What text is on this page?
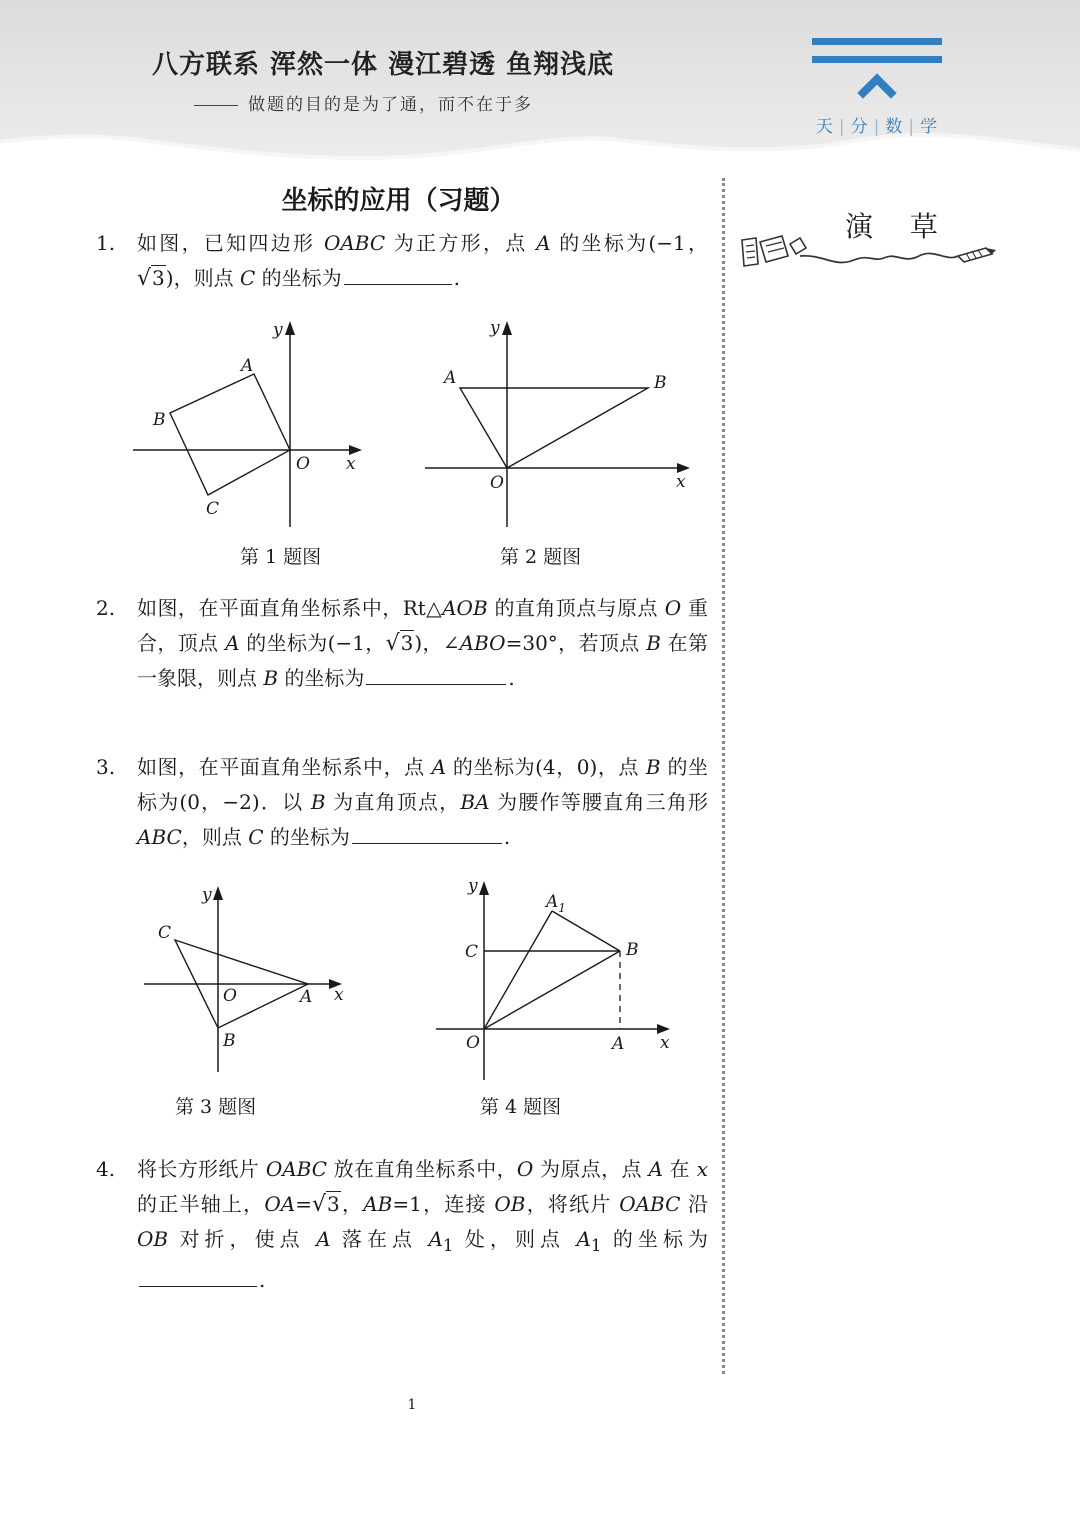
八方联系 浑然一体 漫江碧透 鱼翔浅底
做题的目的是为了通，而不在于多
天 | 分 | 数 | 学
坐标的应用（习题）
演 草
1. 如图，已知四边形 OABC 为正方形，点 A 的坐标为(−1，√3)，则点 C 的坐标为	.
y
x
O
A
B
C
第 1 题图
y
x
O
A	B
第 2 题图
2. 如图，在平面直角坐标系中，Rt△AOB 的直角顶点与原点 O 重合，顶点 A 的坐标为(−1，√3)，∠ABO=30°，若顶点 B 在第一象限，则点 B 的坐标为	.
3. 如图，在平面直角坐标系中，点 A 的坐标为(4，0)，点 B 的坐标为(0，−2)．以 B 为直角顶点，BA 为腰作等腰直角三角形 ABC，则点 C 的坐标为	.
y
x
O	A
B
C
第 3 题图
y
x
O	A
B
C
$A_1$
第 4 题图
4. 将长方形纸片 OABC 放在直角坐标系中，O 为原点，点 A 在 x 的正半轴上，OA=√3，AB=1，连接 OB，将纸片 OABC 沿 OB 对折，使点 A 落在点 $A_1$ 处，则点 $A_1$ 的坐标为.
1
